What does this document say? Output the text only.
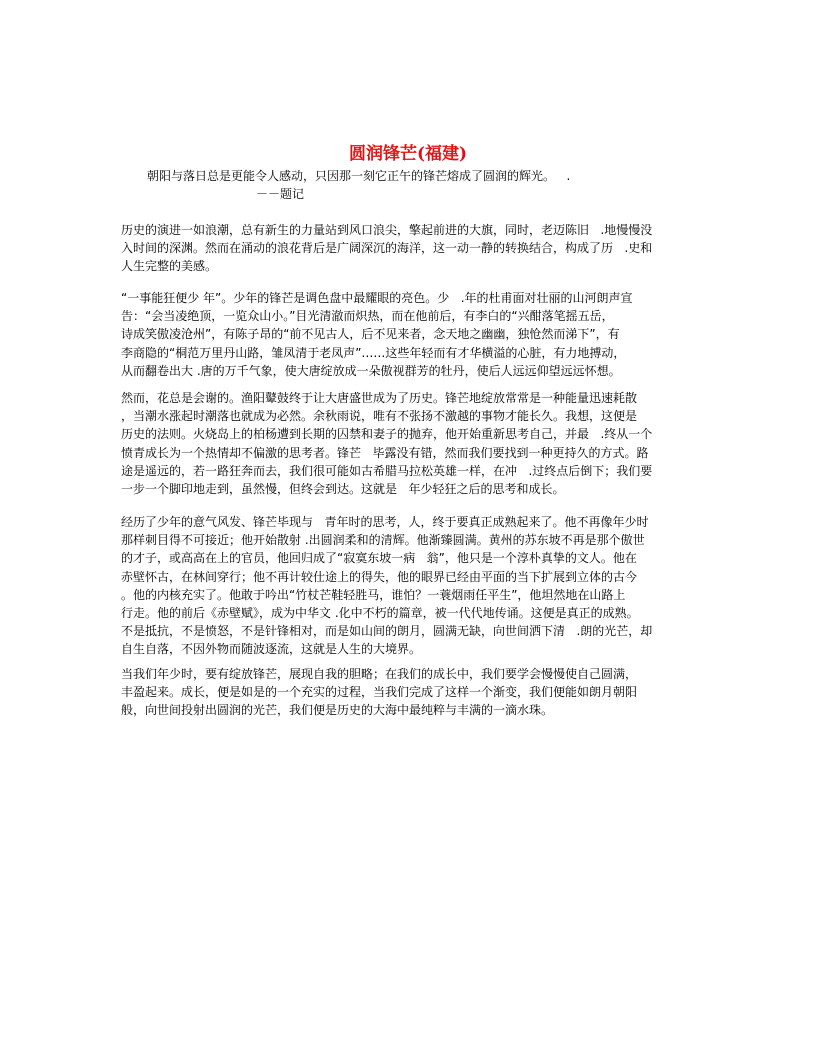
圆润锋芒(福建)
朝阳与落日总是更能令人感动，只因那一刻它正午的锋芒熔成了圆润的辉光。   .
－－题记
历史的演进一如浪潮，总有新生的力量站到风口浪尖，擎起前进的大旗，同时，老迈陈旧   .地慢慢没
入时间的深渊。然而在涌动的浪花背后是广阔深沉的海洋，这一动一静的转换结合，构成了历   .史和
人生完整的美感。
“一事能狂便少 年”。少年的锋芒是调色盘中最耀眼的亮色。少   .年的杜甫面对壮丽的山河朗声宣
告：“会当凌绝顶，一览众山小。”目光清澈而炽热，而在他前后，有李白的“兴酣落笔摇五岳，
诗成笑傲凌沧州”，有陈子昂的“前不见古人，后不见来者，念天地之幽幽，独怆然而涕下”，有
李商隐的“桐范万里丹山路，雏凤清于老凤声”……这些年轻而有才华横溢的心脏，有力地搏动，
从而翻卷出大 .唐的万千气象，使大唐绽放成一朵傲视群芳的牡丹，使后人远远仰望远远怀想。
然而，花总是会谢的。渔阳鼙鼓终于让大唐盛世成为了历史。锋芒地绽放常常是一种能量迅速耗散
，当潮水涨起时潮落也就成为必然。余秋雨说，唯有不张扬不激越的事物才能长久。我想，这便是
历史的法则。火烧岛上的柏杨遭到长期的囚禁和妻子的抛弃，他开始重新思考自己，并最   .终从一个
愤青成长为一个热情却不偏激的思考者。锋芒   毕露没有错，然而我们要找到一种更持久的方式。路
途是遥远的，若一路狂奔而去，我们很可能如古希腊马拉松英雄一样，在冲   .过终点后倒下；我们要
一步一个脚印地走到，虽然慢，但终会到达。这就是   年少轻狂之后的思考和成长。
经历了少年的意气风发、锋芒毕现与   青年时的思考，人，终于要真正成熟起来了。他不再像年少时
那样刺目得不可接近；他开始散射 .出圆润柔和的清辉。他渐臻圆满。黄州的苏东坡不再是那个傲世
的才子，或高高在上的官员，他回归成了“寂寞东坡一病   翁”，他只是一个淳朴真挚的文人。他在
赤壁怀古，在林间穿行；他不再计较仕途上的得失，他的眼界已经由平面的当下扩展到立体的古今
。他的内核充实了。他敢于吟出“竹杖芒鞋轻胜马，谁怕？一蓑烟雨任平生”，他坦然地在山路上
行走。他的前后《赤壁赋》，成为中华文 .化中不朽的篇章，被一代代地传诵。这便是真正的成熟。
不是抵抗，不是愤怒，不是针锋相对，而是如山间的朗月，圆满无缺，向世间洒下清   .朗的光芒，却
自生自落，不因外物而随波逐流，这就是人生的大境界。
当我们年少时，要有绽放锋芒，展现自我的胆略；在我们的成长中，我们要学会慢慢使自己圆满，
丰盈起来。成长，便是如是的一个充实的过程，当我们完成了这样一个渐变，我们便能如朗月朝阳
般，向世间投射出圆润的光芒，我们便是历史的大海中最纯粹与丰满的一滴水珠。
